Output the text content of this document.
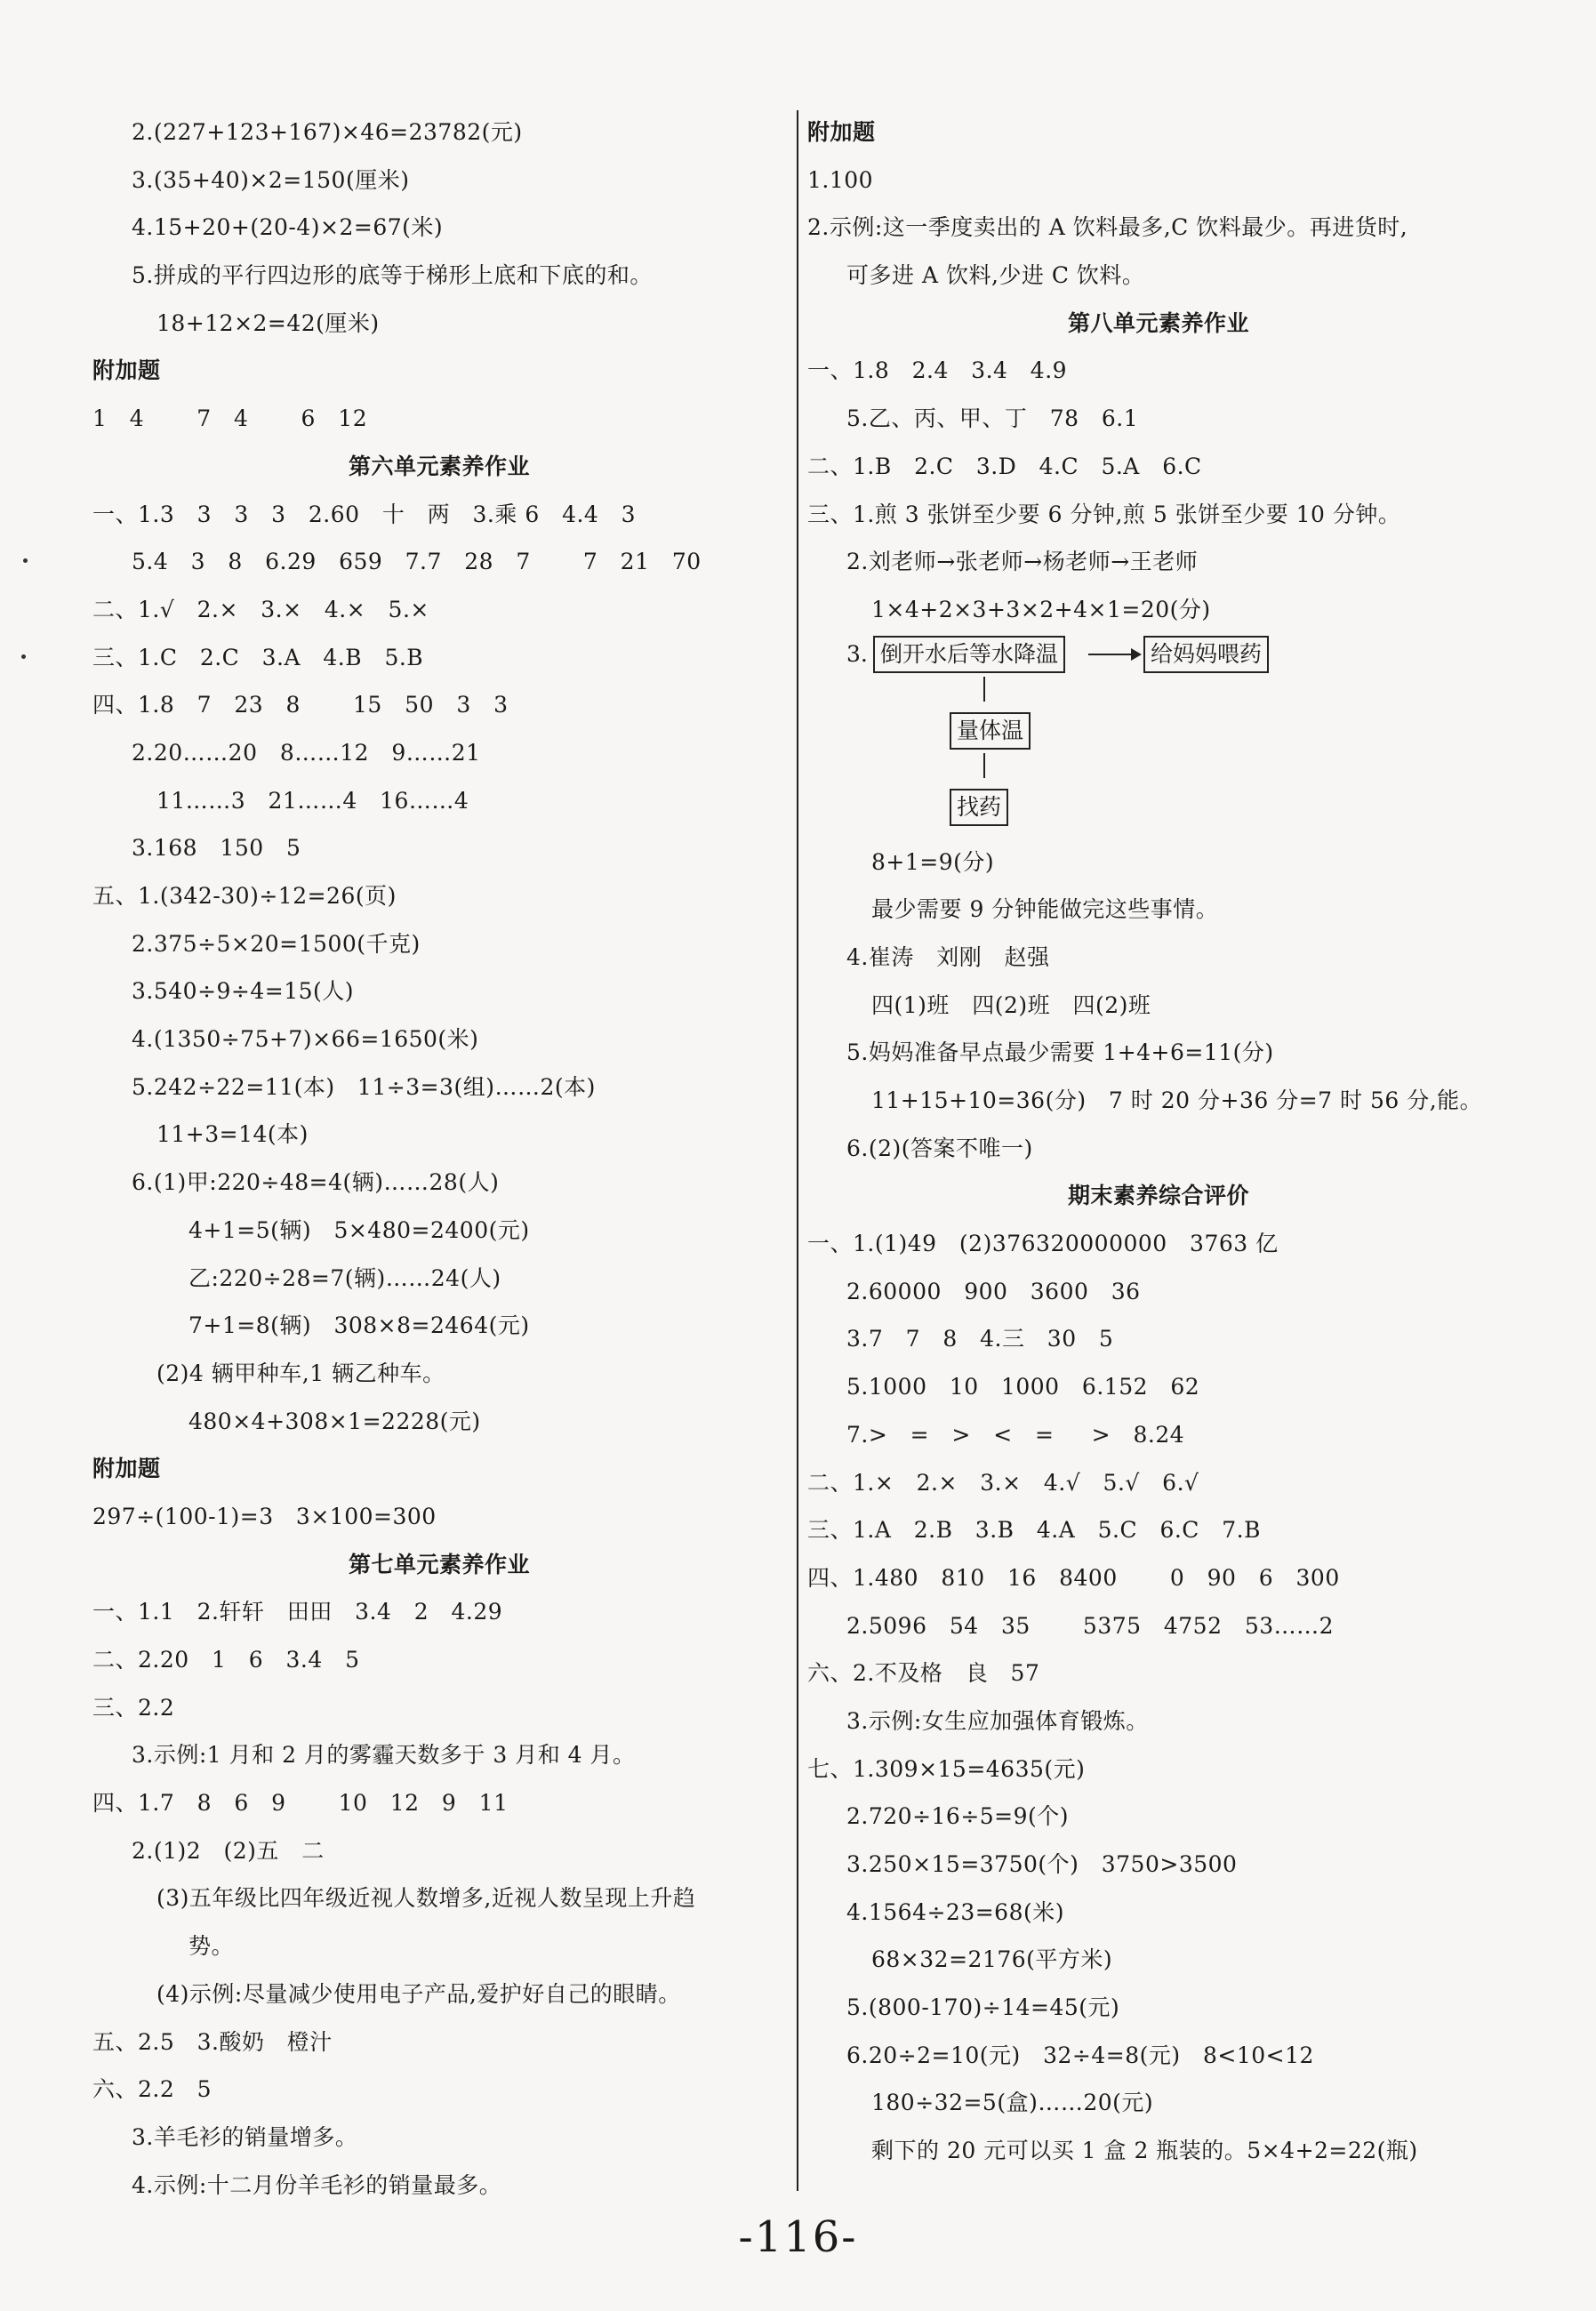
2.(227+123+167)×46=23782(元)
3.(35+40)×2=150(厘米)
4.15+20+(20-4)×2=67(米)
5.拼成的平行四边形的底等于梯形上底和下底的和。
18+12×2=42(厘米)
附加题
1   4       7   4       6   12
第六单元素养作业
一、1.3   3   3   3   2.60   十   两   3.乘 6   4.4   3
5.4   3   8   6.29   659   7.7   28   7       7   21   70
二、1.√   2.×   3.×   4.×   5.×
三、1.C   2.C   3.A   4.B   5.B
四、1.8   7   23   8       15   50   3   3
2.20……20   8……12   9……21
11……3   21……4   16……4
3.168   150   5
五、1.(342-30)÷12=26(页)
2.375÷5×20=1500(千克)
3.540÷9÷4=15(人)
4.(1350÷75+7)×66=1650(米)
5.242÷22=11(本)   11÷3=3(组)……2(本)
11+3=14(本)
6.(1)甲:220÷48=4(辆)……28(人)
4+1=5(辆)   5×480=2400(元)
乙:220÷28=7(辆)……24(人)
7+1=8(辆)   308×8=2464(元)
(2)4 辆甲种车,1 辆乙种车。
480×4+308×1=2228(元)
附加题
297÷(100-1)=3   3×100=300
第七单元素养作业
一、1.1   2.轩轩   田田   3.4   2   4.29
二、2.20   1   6   3.4   5
三、2.2
3.示例:1 月和 2 月的雾霾天数多于 3 月和 4 月。
四、1.7   8   6   9       10   12   9   11
2.(1)2   (2)五   二
(3)五年级比四年级近视人数增多,近视人数呈现上升趋
势。
(4)示例:尽量减少使用电子产品,爱护好自己的眼睛。
五、2.5   3.酸奶   橙汁
六、2.2   5
3.羊毛衫的销量增多。
4.示例:十二月份羊毛衫的销量最多。
附加题
1.100
2.示例:这一季度卖出的 A 饮料最多,C 饮料最少。再进货时,
可多进 A 饮料,少进 C 饮料。
第八单元素养作业
一、1.8   2.4   3.4   4.9
5.乙、丙、甲、丁   78   6.1
二、1.B   2.C   3.D   4.C   5.A   6.C
三、1.煎 3 张饼至少要 6 分钟,煎 5 张饼至少要 10 分钟。
2.刘老师→张老师→杨老师→王老师
1×4+2×3+3×2+4×1=20(分)
3. 倒开水后等水降温	给妈妈喂药
量体温
找药
8+1=9(分)
最少需要 9 分钟能做完这些事情。
4.崔涛   刘刚   赵强
四(1)班   四(2)班   四(2)班
5.妈妈准备早点最少需要 1+4+6=11(分)
11+15+10=36(分)   7 时 20 分+36 分=7 时 56 分,能。
6.(2)(答案不唯一)
期末素养综合评价
一、1.(1)49   (2)376320000000   3763 亿
2.60000   900   3600   36
3.7   7   8   4.三   30   5
5.1000   10   1000   6.152   62
7.>   =   >   <   =     >   8.24
二、1.×   2.×   3.×   4.√   5.√   6.√
三、1.A   2.B   3.B   4.A   5.C   6.C   7.B
四、1.480   810   16   8400       0   90   6   300
2.5096   54   35       5375   4752   53……2
六、2.不及格   良   57
3.示例:女生应加强体育锻炼。
七、1.309×15=4635(元)
2.720÷16÷5=9(个)
3.250×15=3750(个)   3750>3500
4.1564÷23=68(米)
68×32=2176(平方米)
5.(800-170)÷14=45(元)
6.20÷2=10(元)   32÷4=8(元)   8<10<12
180÷32=5(盒)……20(元)
剩下的 20 元可以买 1 盒 2 瓶装的。5×4+2=22(瓶)
-116-
